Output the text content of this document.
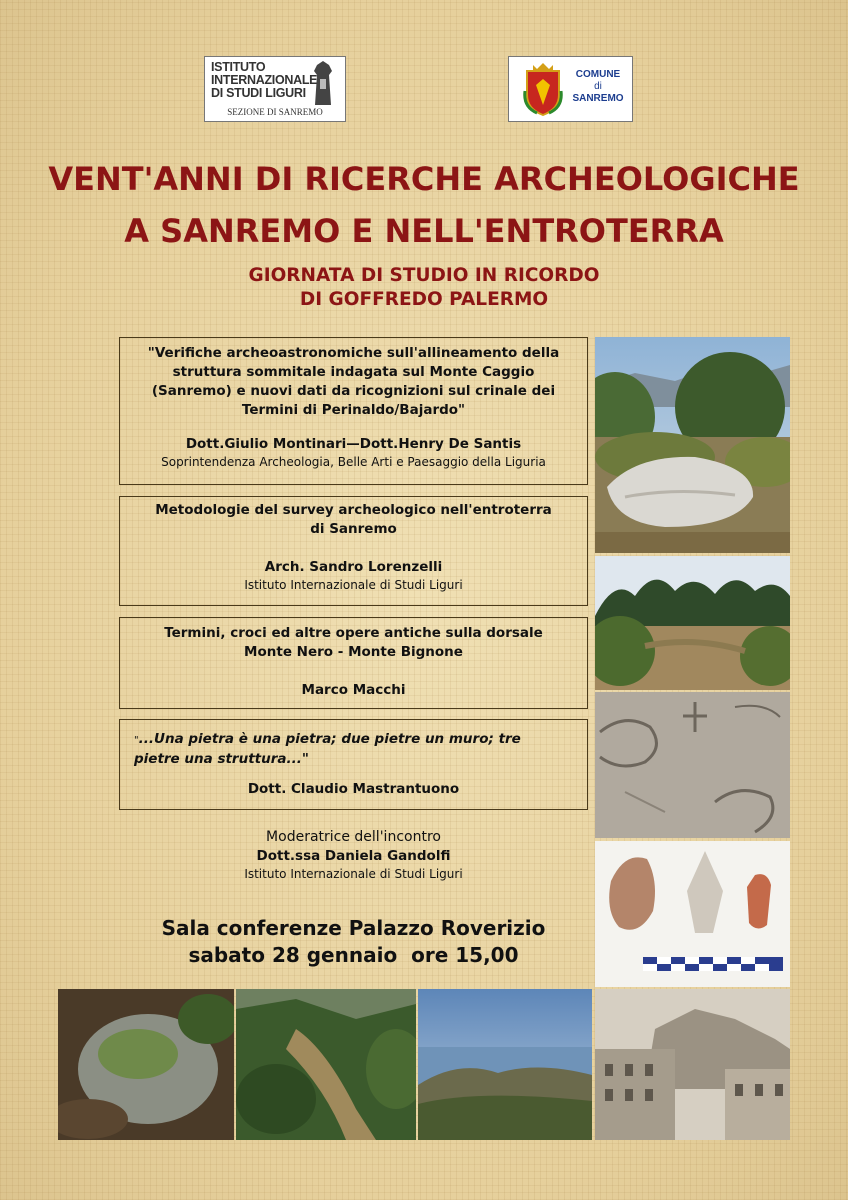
ISTITUTO
INTERNAZIONALE
DI STUDI LIGURI
SEZIONE DI SANREMO
COMUNE
di
SANREMO
VENT'ANNI DI RICERCHE ARCHEOLOGICHE
A SANREMO E NELL'ENTROTERRA
GIORNATA DI STUDIO IN RICORDO
DI GOFFREDO PALERMO
"Verifiche archeoastronomiche sull'allineamento della
struttura sommitale indagata sul Monte Caggio
(Sanremo) e nuovi dati da ricognizioni sul crinale dei
Termini di Perinaldo/Bajardo"
Dott.Giulio Montinari—Dott.Henry De Santis
Soprintendenza Archeologia, Belle Arti e Paesaggio della Liguria
Metodologie del survey archeologico nell'entroterra
di Sanremo
Arch. Sandro Lorenzelli
Istituto Internazionale di Studi Liguri
Termini, croci ed altre opere antiche sulla dorsale
Monte Nero - Monte Bignone
Marco Macchi
"...Una pietra è una pietra; due pietre un muro; tre
pietre una struttura..."
Dott. Claudio Mastrantuono
Moderatrice dell'incontro
Dott.ssa Daniela Gandolfi
Istituto Internazionale di Studi Liguri
Sala conferenze Palazzo Roverizio
sabato 28 gennaio  ore 15,00
